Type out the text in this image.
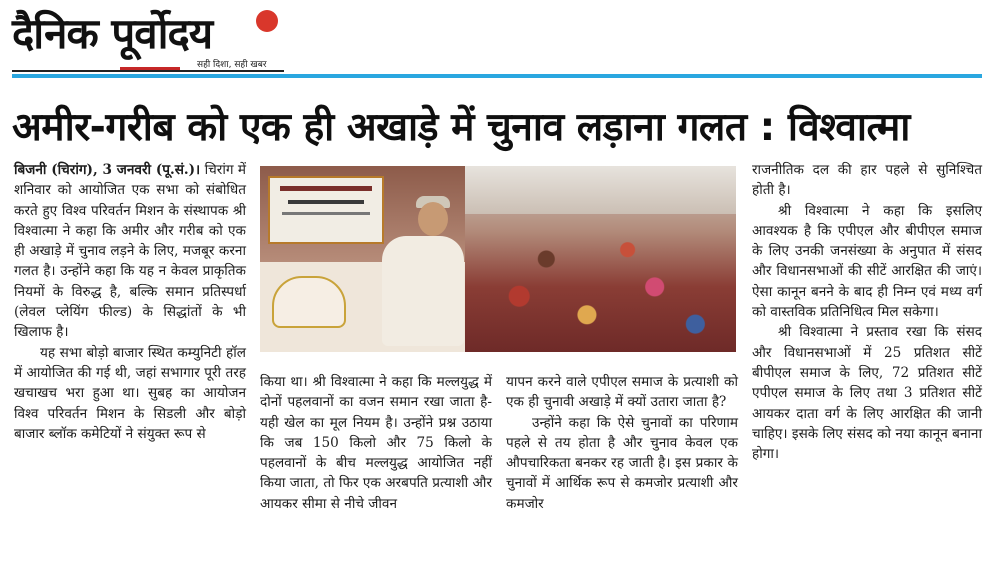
दैनिक पूर्वोदय
सही दिशा, सही खबर
अमीर-गरीब को एक ही अखाड़े में चुनाव लड़ाना गलत : विश्वात्मा

बिजनी (चिरांग), 3 जनवरी (पू.सं.)। चिरांग में शनिवार को आयोजित एक सभा को संबोधित करते हुए विश्व परिवर्तन मिशन के संस्थापक श्री विश्वात्मा ने कहा कि अमीर और गरीब को एक ही अखाड़े में चुनाव लड़ने के लिए, मजबूर करना गलत है। उन्होंने कहा कि यह न केवल प्राकृतिक नियमों के विरुद्ध है, बल्कि समान प्रतिस्पर्धा (लेवल प्लेयिंग फील्ड) के सिद्धांतों के भी खिलाफ है।

यह सभा बोड़ो बाजार स्थित कम्युनिटी हॉल में आयोजित की गई थी, जहां सभागार पूरी तरह खचाखच भरा हुआ था। सुबह का आयोजन विश्व परिवर्तन मिशन के सिडली और बोड़ो बाजार ब्लॉक कमेटियों ने संयुक्त रूप से

किया था। श्री विश्वात्मा ने कहा कि मल्लयुद्ध में दोनों पहलवानों का वजन समान रखा जाता है-यही खेल का मूल नियम है। उन्होंने प्रश्न उठाया कि जब 150 किलो और 75 किलो के पहलवानों के बीच मल्लयुद्ध आयोजित नहीं किया जाता, तो फिर एक अरबपति प्रत्याशी और आयकर सीमा से नीचे जीवन

यापन करने वाले एपीएल समाज के प्रत्याशी को एक ही चुनावी अखाड़े में क्यों उतारा जाता है?

उन्होंने कहा कि ऐसे चुनावों का परिणाम पहले से तय होता है और चुनाव केवल एक औपचारिकता बनकर रह जाती है। इस प्रकार के चुनावों में आर्थिक रूप से कमजोर प्रत्याशी और कमजोर

राजनीतिक दल की हार पहले से सुनिश्चित होती है।

श्री विश्वात्मा ने कहा कि इसलिए आवश्यक है कि एपीएल और बीपीएल समाज के लिए उनकी जनसंख्या के अनुपात में संसद और विधानसभाओं की सीटें आरक्षित की जाएं। ऐसा कानून बनने के बाद ही निम्न एवं मध्य वर्ग को वास्तविक प्रतिनिधित्व मिल सकेगा।

श्री विश्वात्मा ने प्रस्ताव रखा कि संसद और विधानसभाओं में 25 प्रतिशत सीटें बीपीएल समाज के लिए, 72 प्रतिशत सीटें एपीएल समाज के लिए तथा 3 प्रतिशत सीटें आयकर दाता वर्ग के लिए आरक्षित की जानी चाहिए। इसके लिए संसद को नया कानून बनाना होगा।
